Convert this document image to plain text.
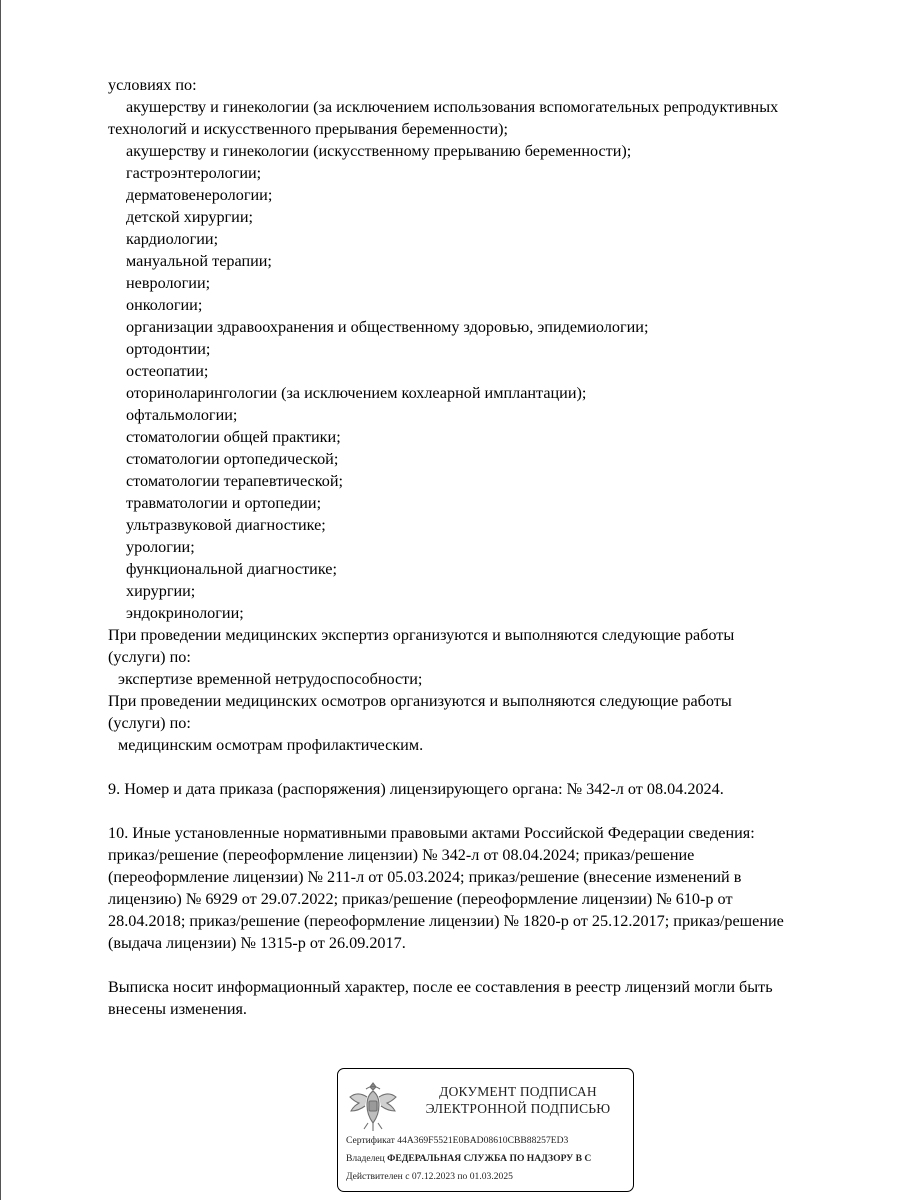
условиях по:

акушерству и гинекологии (за исключением использования вспомогательных репродуктивных

технологий и искусственного прерывания беременности);

акушерству и гинекологии (искусственному прерыванию беременности);

гастроэнтерологии;

дерматовенерологии;

детской хирургии;

кардиологии;

мануальной терапии;

неврологии;

онкологии;

организации здравоохранения и общественному здоровью, эпидемиологии;

ортодонтии;

остеопатии;

оториноларингологии (за исключением кохлеарной имплантации);

офтальмологии;

стоматологии общей практики;

стоматологии ортопедической;

стоматологии терапевтической;

травматологии и ортопедии;

ультразвуковой диагностике;

урологии;

функциональной диагностике;

хирургии;

эндокринологии;

При проведении медицинских экспертиз организуются и выполняются следующие работы

(услуги) по:

экспертизе временной нетрудоспособности;

При проведении медицинских осмотров организуются и выполняются следующие работы

(услуги) по:

медицинским осмотрам профилактическим.

9. Номер и дата приказа (распоряжения) лицензирующего органа: № 342-л от 08.04.2024.

10. Иные установленные нормативными правовыми актами Российской Федерации сведения:

приказ/решение (переоформление лицензии) № 342-л от 08.04.2024; приказ/решение

(переоформление лицензии) № 211-л от 05.03.2024; приказ/решение (внесение изменений в

лицензию) № 6929 от 29.07.2022; приказ/решение (переоформление лицензии) № 610-р от

28.04.2018; приказ/решение (переоформление лицензии) № 1820-р от 25.12.2017; приказ/решение

(выдача лицензии) № 1315-р от 26.09.2017.

Выписка носит информационный характер, после ее составления в реестр лицензий могли быть

внесены изменения.

ДОКУМЕНТ ПОДПИСАН
ЭЛЕКТРОННОЙ ПОДПИСЬЮ
Сертификат 44A369F5521E0BAD08610CBB88257ED3
Владелец ФЕДЕРАЛЬНАЯ СЛУЖБА ПО НАДЗОРУ В С
Действителен с 07.12.2023 по 01.03.2025
